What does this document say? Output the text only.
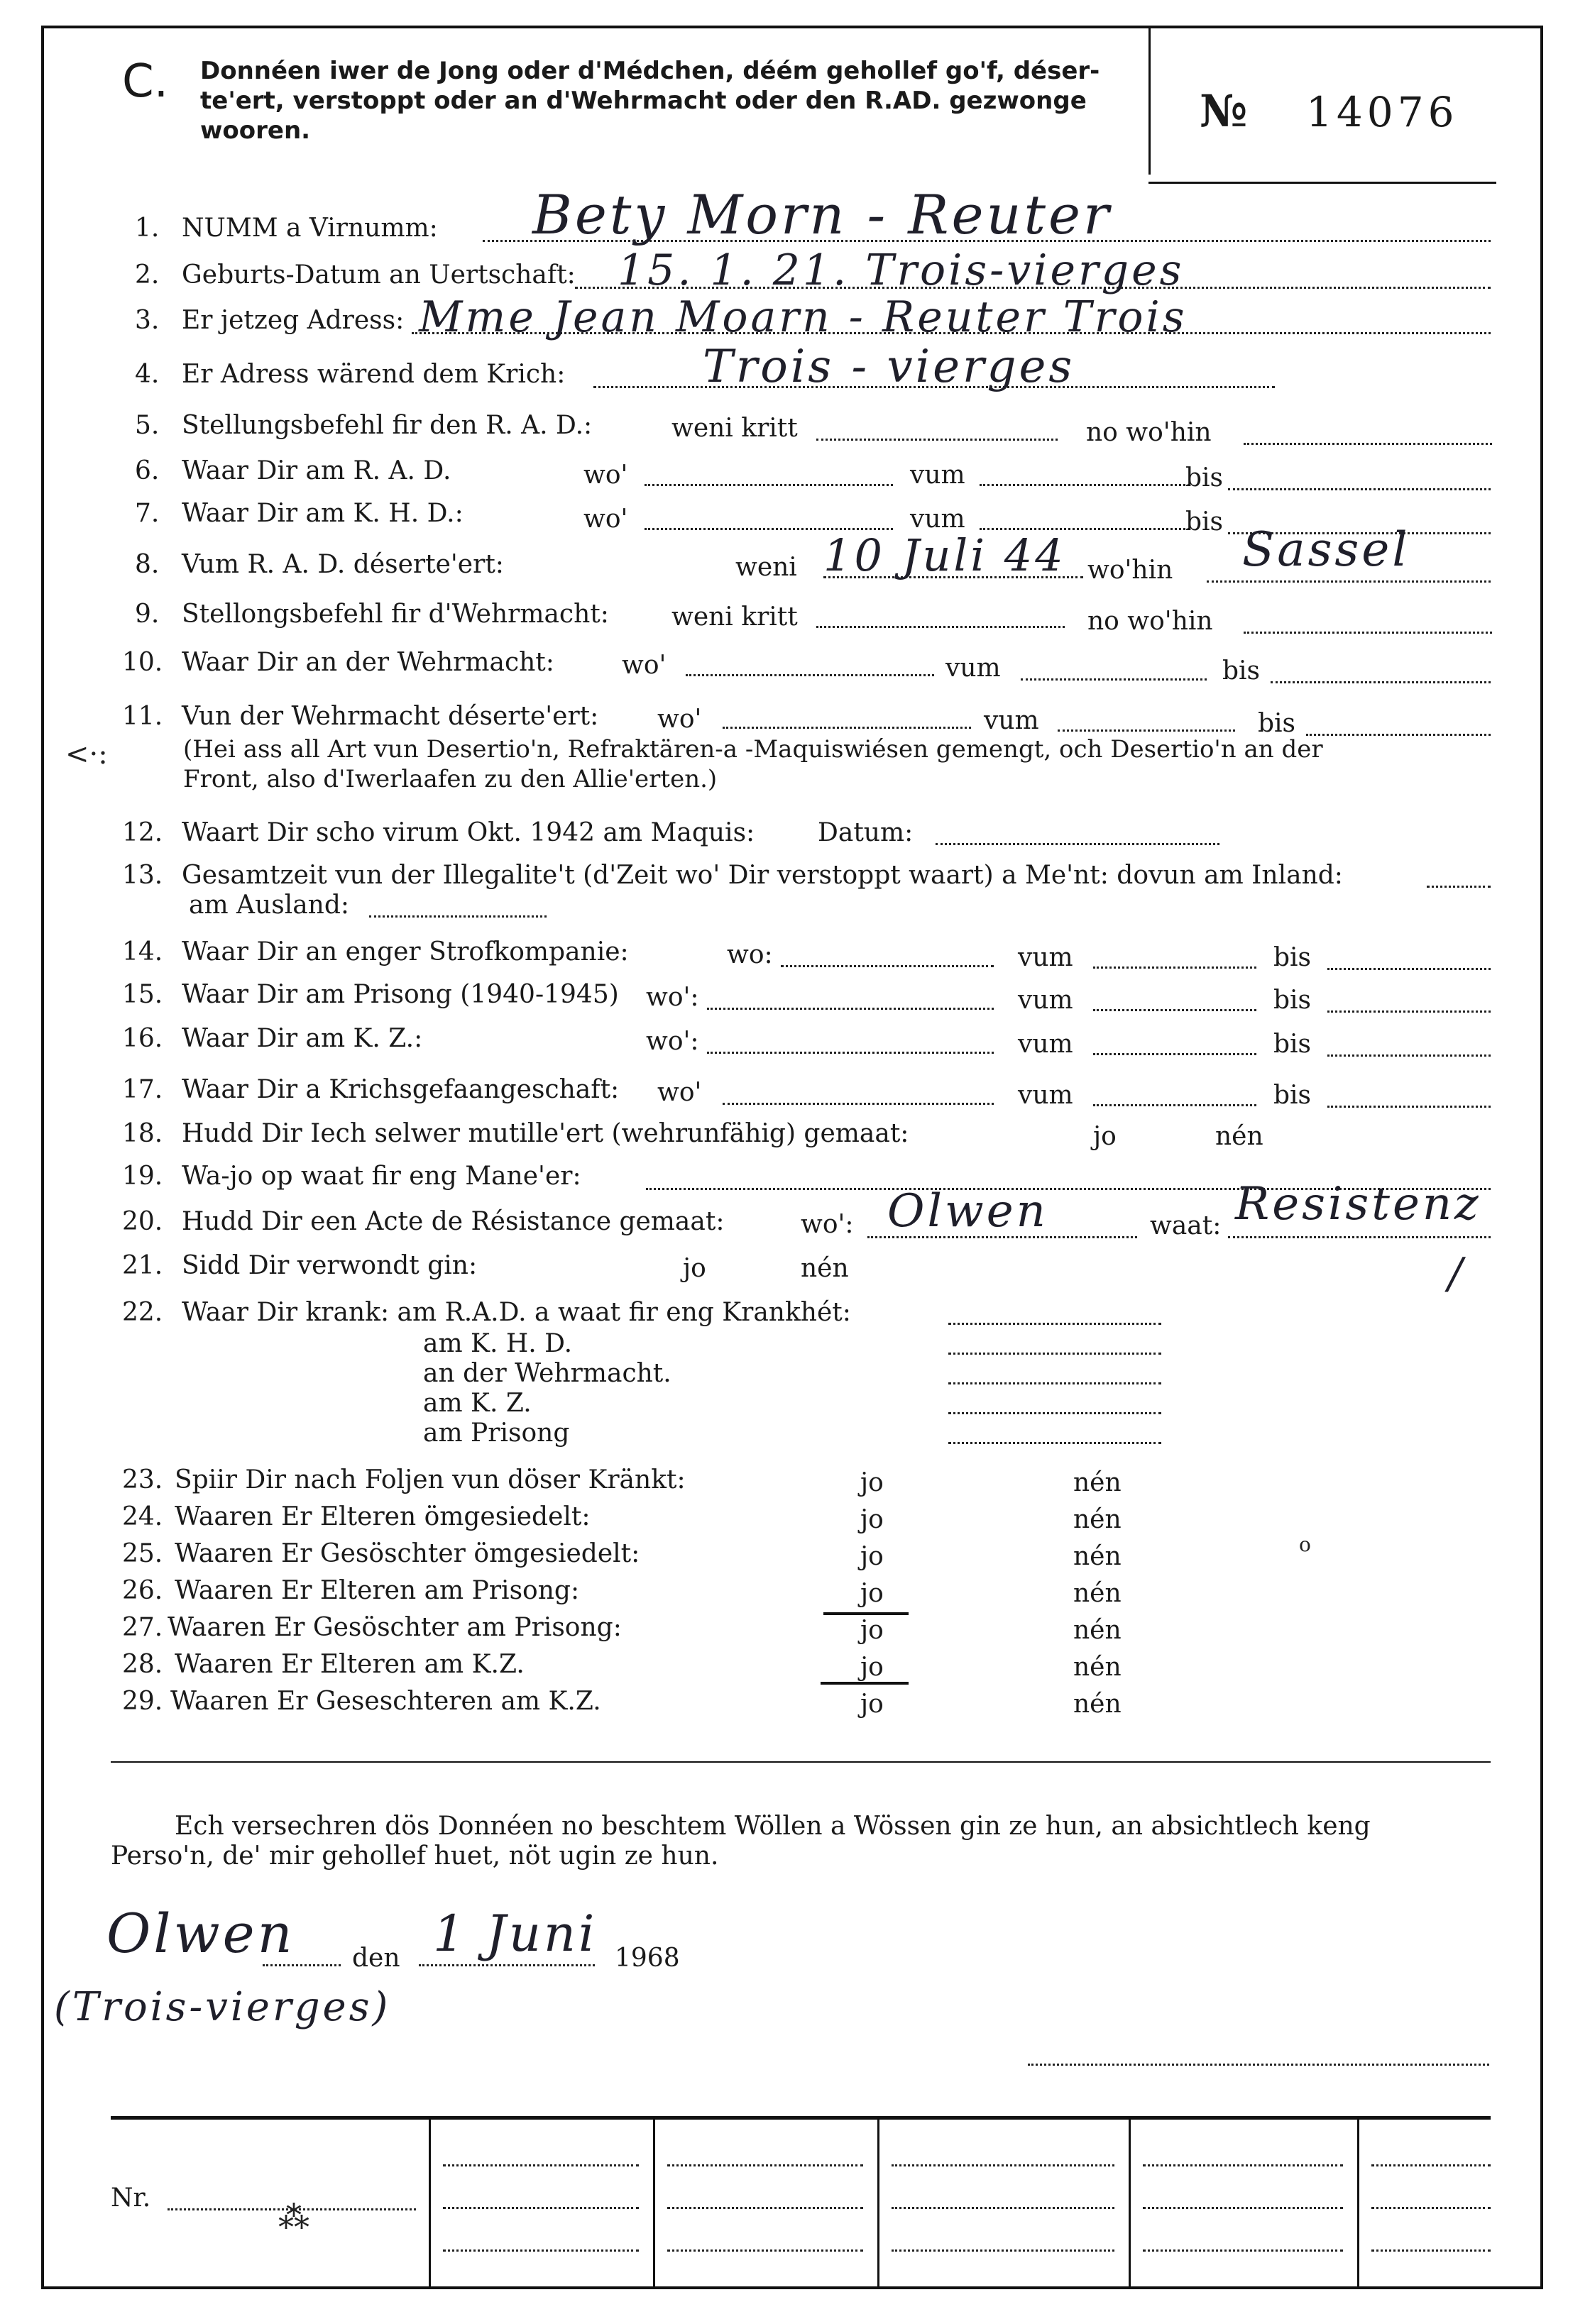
C. Donnéen iwer de Jong oder d'Médchen, déém gehollef go'f, déser-
te'ert, verstoppt oder an d'Wehrmacht oder den R.AD. gezwonge
wooren.	№ 14076
1. NUMM a Virnumm: Bety Morn - Reuter
2. Geburts-Datum an Uertschaft: 15. 1. 21. Trois-vierges
3. Er jetzeg Adress: Mme Jean Moarn - Reuter Trois
4. Er Adress wärend dem Krich:	Trois - vierges
5. Stellungsbefehl fir den R. A. D.:	weni kritt	no wo'hin
6. Waar Dir am R. A. D.	wo'	vum	bis
7. Waar Dir am K. H. D.:	wo'	vum	bis
8. Vum R. A. D. déserte'ert:	weni 10 Juli 44 wo'hin Sassel
9. Stellongsbefehl fir d'Wehrmacht: weni kritt	no wo'hin
10. Waar Dir an der Wehrmacht:	wo'	vum	bis
11. Vun der Wehrmacht déserte'ert: wo'	vum	bis
(Hei ass all Art vun Desertio'n, Refraktären-a -Maquiswiésen gemengt, och Desertio'n an der
Front, also d'Iwerlaafen zu den Allie'erten.)
<·:
12. Waart Dir scho virum Okt. 1942 am Maquis: Datum:
13. Gesamtzeit vun der Illegalite't (d'Zeit wo' Dir verstoppt waart) a Me'nt: dovun am Inland:
am Ausland:
14. Waar Dir an enger Strofkompanie:	wo:	vum	bis
15. Waar Dir am Prisong (1940-1945) wo':	vum	bis
16. Waar Dir am K. Z.:	wo':	vum	bis
17. Waar Dir a Krichsgefaangeschaft: wo'	vum	bis
18. Hudd Dir Iech selwer mutille'ert (wehrunfähig) gemaat:	jo	nén
19. Wa-jo op waat fir eng Mane'er:
20. Hudd Dir een Acte de Résistance gemaat:	wo': Olwen	waat: Resistenz
21. Sidd Dir verwondt gin:	jo	nén
22. Waar Dir krank: am R.A.D. a waat fir eng Krankhét:
am K. H. D.
an der Wehrmacht.
am K. Z.
am Prisong
/
23. Spiir Dir nach Foljen vun döser Kränkt:	jo	nén
24. Waaren Er Elteren ömgesiedelt:	jo	nén
25. Waaren Er Gesöschter ömgesiedelt:	jo	nén	o
26. Waaren Er Elteren am Prisong:	jo	nén
27. Waaren Er Gesöschter am Prisong:	jo	nén
28. Waaren Er Elteren am K.Z.	jo	nén
29. Waaren Er Geseschteren am K.Z.	jo	nén
Ech versechren dös Donnéen no beschtem Wöllen a Wössen gin ze hun, an absichtlech keng
Perso'n, de' mir gehollef huet, nöt ugin ze hun.
Olwen den 1 Juni 1968
(Trois-vierges)
Nr.
⁂
